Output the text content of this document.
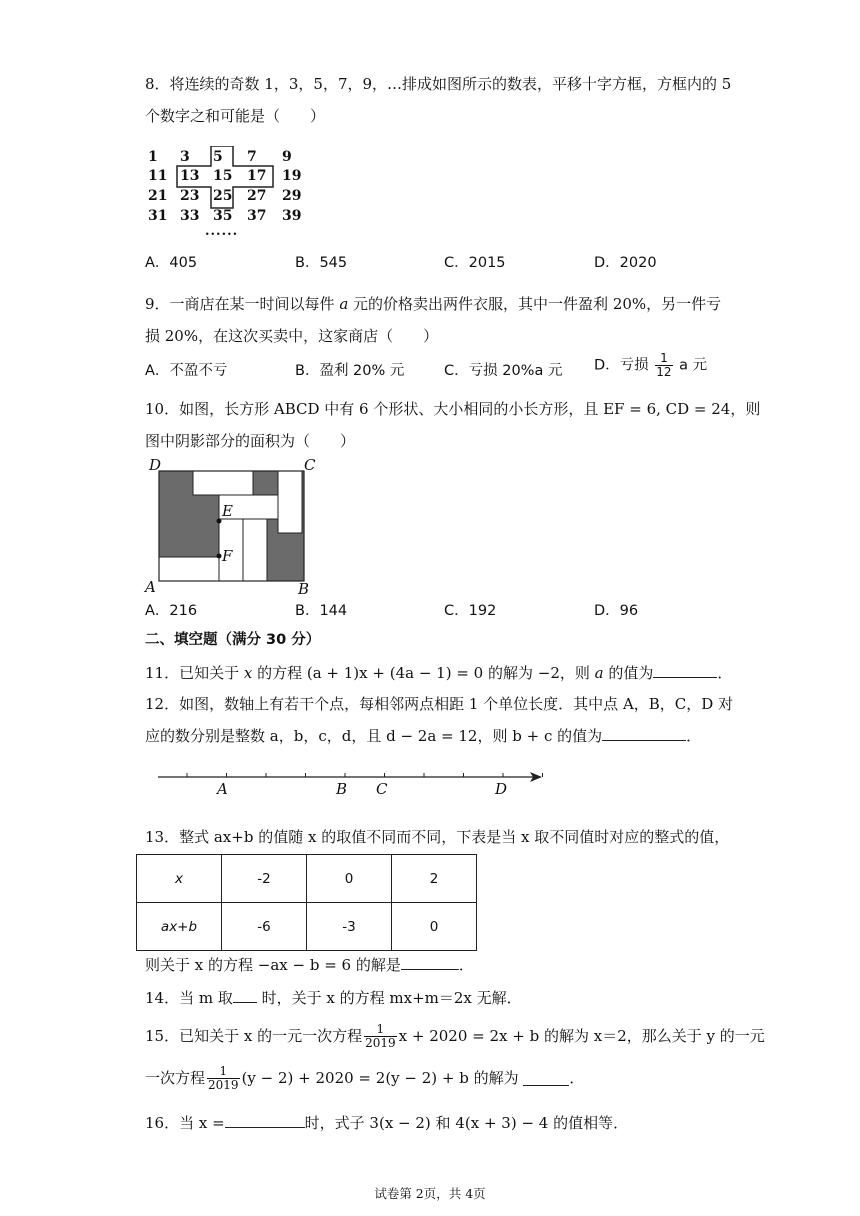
8．将连续的奇数 1，3，5，7，9，…排成如图所示的数表，平移十字方框，方框内的 5
个数字之和可能是（　　）
1	3	5	7	9
11 13 15	17	19
21 23 25	27	29
31 33 35	37	39
......
A．405	B．545	C．2015	D．2020
9．一商店在某一时间以每件 a 元的价格卖出两件衣服，其中一件盈利 20%，另一件亏
损 20%，在这次买卖中，这家商店（　　）
A．不盈不亏	B．盈利 20% 元	C．亏损 20%a 元 D．亏损 $\frac{1}{12}$ a 元
10．如图，长方形 ABCD 中有 6 个形状、大小相同的小长方形，且 EF = 6, CD = 24，则
图中阴影部分的面积为（　　）
D	C
E
F
A	B
A．216	B．144	C．192	D．96
二、填空题（满分 30 分）
11．已知关于 x 的方程 (a + 1)x + (4a − 1) = 0 的解为 −2，则 a 的值为	．
12．如图，数轴上有若干个点，每相邻两点相距 1 个单位长度．其中点 A，B，C，D 对
应的数分别是整数 a，b，c，d，且 d − 2a = 12，则 b + c 的值为	．
A	B C	D
13．整式 ax+b 的值随 x 的取值不同而不同，下表是当 x 取不同值时对应的整式的值，
x	-2	0	2
ax+b	-6	-3	0
则关于 x 的方程 −ax − b = 6 的解是	．
14．当 m 取 时，关于 x 的方程 mx+m＝2x 无解．
15．已知关于 x 的一元一次方程 $\frac{1}{2019}$ x + 2020 = 2x + b 的解为 x＝2，那么关于 y 的一元
一次方程 $\frac{1}{2019} (y - 2) + 2020 = 2(y - 2) + b$ 的解为	．
16．当 x =	时，式子 3(x − 2) 和 4(x + 3) − 4 的值相等．
试卷第 2页，共 4页
